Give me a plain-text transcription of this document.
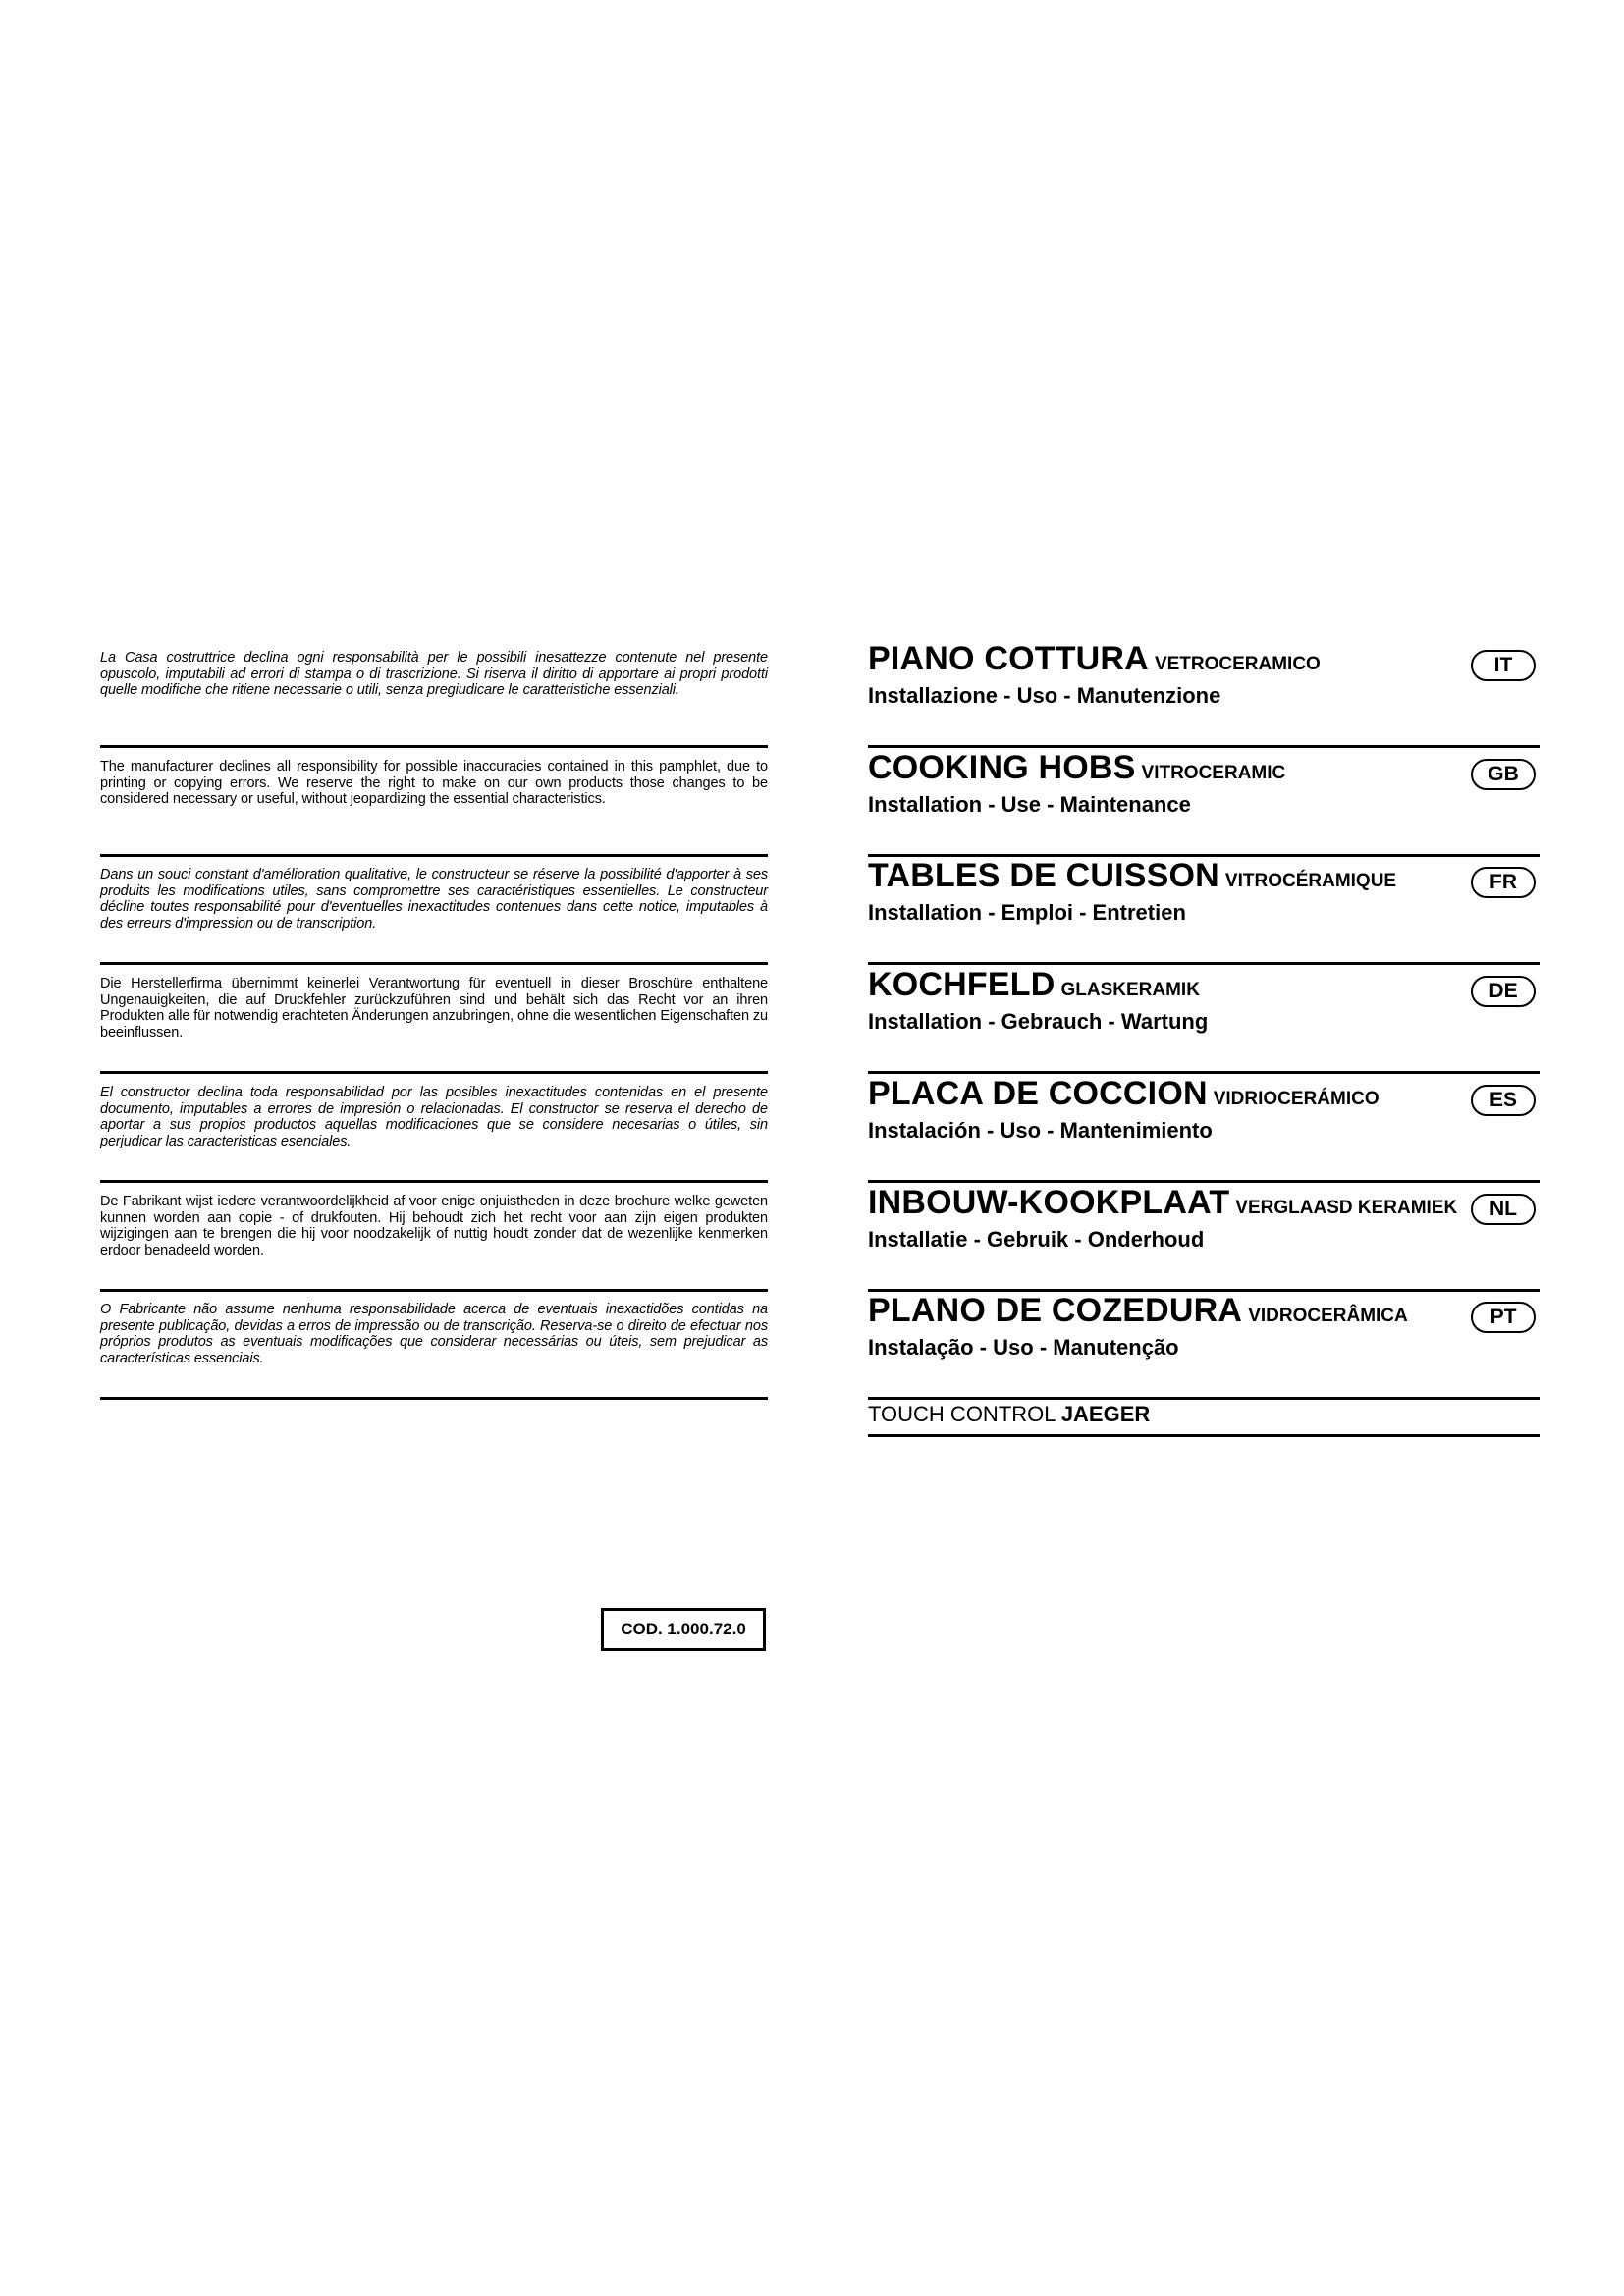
La Casa costruttrice declina ogni responsabilità per le possibili inesattezze contenute nel presente opuscolo, imputabili ad errori di stampa o di trascrizione. Si riserva il diritto di apportare ai propri prodotti quelle modifiche che ritiene necessarie o utili, senza pregiudicare le caratteristiche essenziali.
PIANO COTTURA VETROCERAMICO
Installazione - Uso - Manutenzione
IT
The manufacturer declines all responsibility for possible inaccuracies contained in this pamphlet, due to printing or copying errors. We reserve the right to make on our own products those changes to be considered necessary or useful, without jeopardizing the essential characteristics.
COOKING HOBS VITROCERAMIC
Installation - Use - Maintenance
GB
Dans un souci constant d'amélioration qualitative, le constructeur se réserve la possibilité d'apporter à ses produits les modifications utiles, sans compromettre ses caractéristiques essentielles. Le constructeur décline toutes responsabilité pour d'eventuelles inexactitudes contenues dans cette notice, imputables à des erreurs d'impression ou de transcription.
TABLES DE CUISSON VITROCÉRAMIQUE
Installation - Emploi - Entretien
FR
Die Herstellerfirma übernimmt keinerlei Verantwortung für eventuell in dieser Broschüre enthaltene Ungenauigkeiten, die auf Druckfehler zurückzuführen sind und behält sich das Recht vor an ihren Produkten alle für notwendig erachteten Änderungen anzubringen, ohne die wesentlichen Eigenschaften zu beeinflussen.
KOCHFELD GLASKERAMIK
Installation - Gebrauch - Wartung
DE
El constructor declina toda responsabilidad por las posibles inexactitudes contenidas en el presente documento, imputables a errores de impresión o relacionadas. El constructor se reserva el derecho de aportar a sus propios productos aquellas modificaciones que se considere necesarias o útiles, sin perjudicar las caracteristicas esenciales.
PLACA DE COCCION VIDRIOCERÁMICO
Instalación - Uso - Mantenimiento
ES
De Fabrikant wijst iedere verantwoordelijkheid af voor enige onjuistheden in deze brochure welke geweten kunnen worden aan copie - of drukfouten. Hij behoudt zich het recht voor aan zijn eigen produkten wijzigingen aan te brengen die hij voor noodzakelijk of nuttig houdt zonder dat de wezenlijke kenmerken erdoor benadeeld worden.
INBOUW-KOOKPLAAT VERGLAASD KERAMIEK
Installatie - Gebruik - Onderhoud
NL
O Fabricante não assume nenhuma responsabilidade acerca de eventuais inexactidões contidas na presente publicação, devidas a erros de impressão ou de transcrição. Reserva-se o direito de efectuar nos próprios produtos as eventuais modificações que considerar necessárias ou úteis, sem prejudicar as características essenciais.
PLANO DE COZEDURA VIDROCERÂMICA
Instalação - Uso - Manutenção
PT
TOUCH CONTROL JAEGER
COD. 1.000.72.0
